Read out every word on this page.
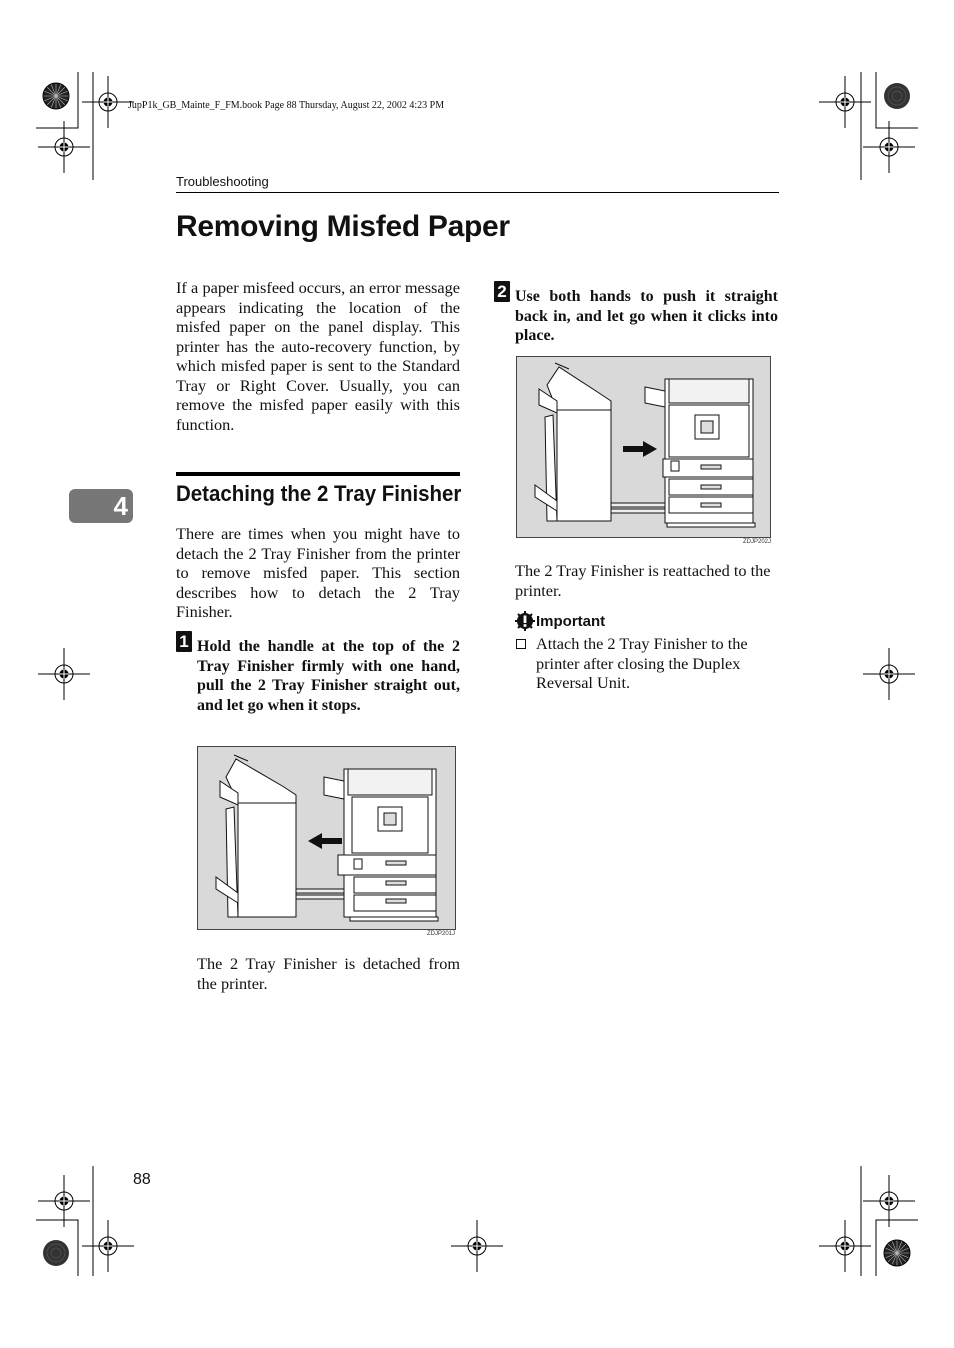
JupP1k_GB_Mainte_F_FM.book Page 88 Thursday, August 22, 2002 4:23 PM
Troubleshooting
Removing Misfed Paper

If a paper misfeed occurs, an error message appears indicating the location of the misfed paper on the panel display. This printer has the auto-recovery function, by which misfed paper is sent to the Standard Tray or Right Cover. Usually, you can remove the misfed paper easily with this function.

4 Detaching the 2 Tray Finisher

There are times when you might have to detach the 2 Tray Finisher from the printer to remove misfed paper. This section describes how to detach the 2 Tray Finisher.

1 Hold the handle at the top of the 2 Tray Finisher firmly with one hand, pull the 2 Tray Finisher straight out, and let go when it stops.

ZDJP201J

The 2 Tray Finisher is detached from the printer.

2 Use both hands to push it straight back in, and let go when it clicks into place.

ZDJP202J

The 2 Tray Finisher is reattached to the printer.

Important

Attach the 2 Tray Finisher to the printer after closing the Duplex Reversal Unit.

88
